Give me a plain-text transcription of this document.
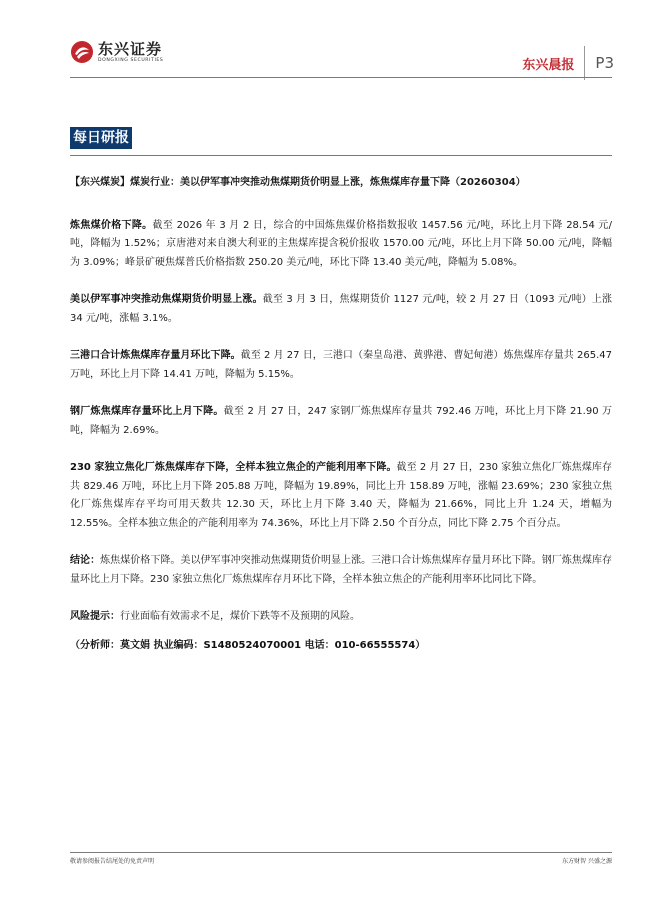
东兴证券
DONGXING SECURITIES	东兴晨报 P3
每日研报

【东兴煤炭】煤炭行业：美以伊军事冲突推动焦煤期货价明显上涨，炼焦煤库存量下降（20260304）

炼焦煤价格下降。截至 2026 年 3 月 2 日，综合的中国炼焦煤价格指数报收 1457.56 元/吨，环比上月下降 28.54 元/吨，降幅为 1.52%；京唐港对来自澳大利亚的主焦煤库提含税价报收 1570.00 元/吨，环比上月下降 50.00 元/吨，降幅为 3.09%；峰景矿硬焦煤普氏价格指数 250.20 美元/吨，环比下降 13.40 美元/吨，降幅为 5.08%。

美以伊军事冲突推动焦煤期货价明显上涨。截至 3 月 3 日，焦煤期货价 1127 元/吨，较 2 月 27 日（1093 元/吨）上涨 34 元/吨，涨幅 3.1%。

三港口合计炼焦煤库存量月环比下降。截至 2 月 27 日，三港口（秦皇岛港、黄骅港、曹妃甸港）炼焦煤库存量共 265.47 万吨，环比上月下降 14.41 万吨，降幅为 5.15%。

钢厂炼焦煤库存量环比上月下降。截至 2 月 27 日，247 家钢厂炼焦煤库存量共 792.46 万吨，环比上月下降 21.90 万吨，降幅为 2.69%。

230 家独立焦化厂炼焦煤库存下降，全样本独立焦企的产能利用率下降。截至 2 月 27 日，230 家独立焦化厂炼焦煤库存共 829.46 万吨，环比上月下降 205.88 万吨，降幅为 19.89%，同比上升 158.89 万吨，涨幅 23.69%；230 家独立焦化厂炼焦煤库存平均可用天数共 12.30 天，环比上月下降 3.40 天，降幅为 21.66%，同比上升 1.24 天，增幅为 12.55%。全样本独立焦企的产能利用率为 74.36%，环比上月下降 2.50 个百分点，同比下降 2.75 个百分点。

结论：炼焦煤价格下降。美以伊军事冲突推动焦煤期货价明显上涨。三港口合计炼焦煤库存量月环比下降。钢厂炼焦煤库存量环比上月下降。230 家独立焦化厂炼焦煤库存月环比下降，全样本独立焦企的产能利用率环比同比下降。

风险提示：行业面临有效需求不足，煤价下跌等不及预期的风险。

（分析师：莫文娟 执业编码：S1480524070001 电话：010-66555574）

敬请参阅报告结尾处的免责声明	东方财智 兴盛之源
